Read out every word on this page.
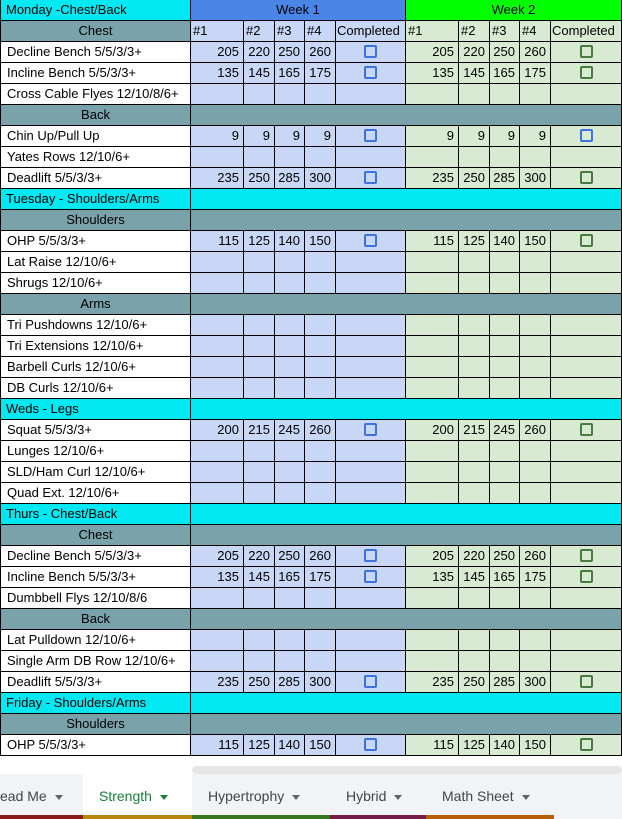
Monday -Chest/Back	Week 1	Week 2
Chest	#1	#2	#3	#4	Completed #1	#2	#3	#4	Completed
Decline Bench 5/5/3/3+	205 220 250 260	205 220 250 260
Incline Bench 5/5/3/3+	135 145 165 175	135 145 165 175
Cross Cable Flyes 12/10/8/6+
Back
Chin Up/Pull Up	9	9	9	9	9	9	9	9
Yates Rows 12/10/6+
Deadlift 5/5/3/3+	235 250 285 300	235 250 285 300
Tuesday - Shoulders/Arms
Shoulders
OHP 5/5/3/3+	115 125 140 150	115 125 140 150
Lat Raise 12/10/6+
Shrugs 12/10/6+
Arms
Tri Pushdowns 12/10/6+
Tri Extensions 12/10/6+
Barbell Curls 12/10/6+
DB Curls 12/10/6+
Weds - Legs
Squat 5/5/3/3+	200 215 245 260	200 215 245 260
Lunges 12/10/6+
SLD/Ham Curl 12/10/6+
Quad Ext. 12/10/6+
Thurs - Chest/Back
Chest
Decline Bench 5/5/3/3+	205 220 250 260	205 220 250 260
Incline Bench 5/5/3/3+	135 145 165 175	135 145 165 175
Dumbbell Flys 12/10/8/6
Back
Lat Pulldown 12/10/6+
Single Arm DB Row 12/10/6+
Deadlift 5/5/3/3+	235 250 285 300	235 250 285 300
Friday - Shoulders/Arms
Shoulders
OHP 5/5/3/3+	115 125 140 150	115 125 140 150
ead Me	Strength	Hypertrophy	Hybrid	Math Sheet
